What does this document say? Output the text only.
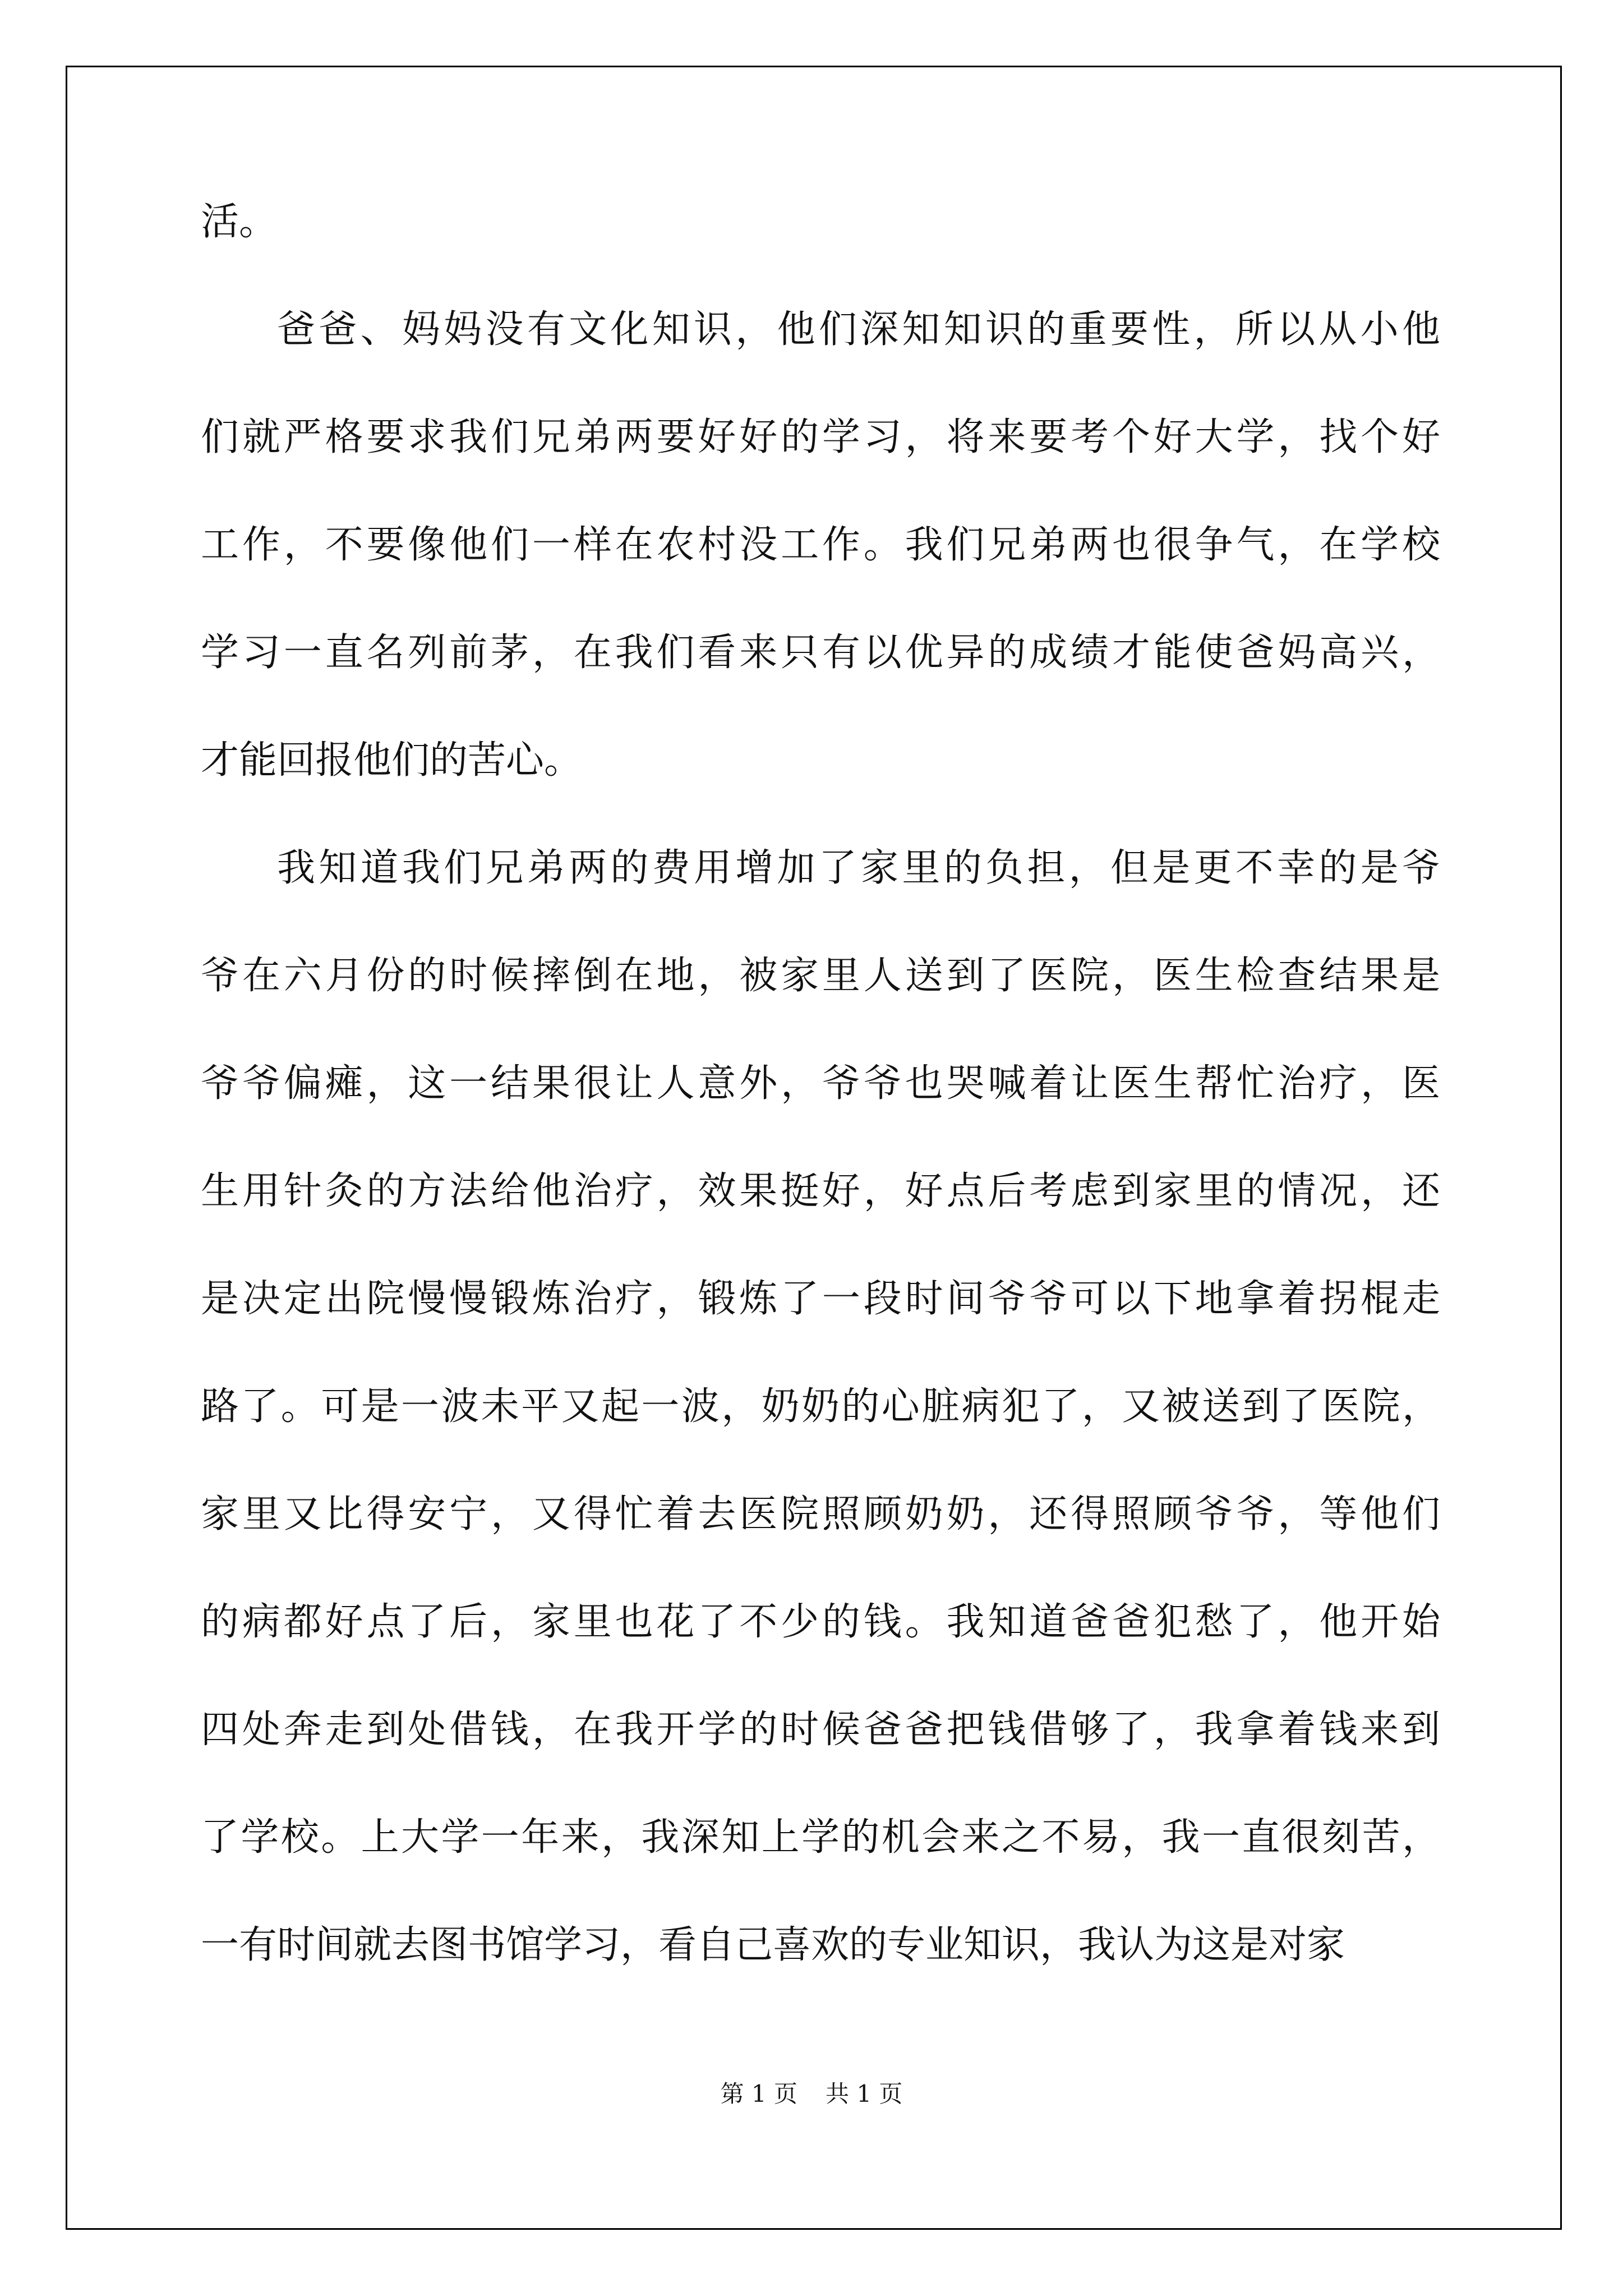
活。
爸爸、妈妈没有文化知识，他们深知知识的重要性，所以从小他
们就严格要求我们兄弟两要好好的学习，将来要考个好大学，找个好
工作，不要像他们一样在农村没工作。我们兄弟两也很争气，在学校
学习一直名列前茅，在我们看来只有以优异的成绩才能使爸妈高兴，
才能回报他们的苦心。
我知道我们兄弟两的费用增加了家里的负担，但是更不幸的是爷
爷在六月份的时候摔倒在地，被家里人送到了医院，医生检查结果是
爷爷偏瘫，这一结果很让人意外，爷爷也哭喊着让医生帮忙治疗，医
生用针灸的方法给他治疗，效果挺好，好点后考虑到家里的情况，还
是决定出院慢慢锻炼治疗，锻炼了一段时间爷爷可以下地拿着拐棍走
路了。可是一波未平又起一波，奶奶的心脏病犯了，又被送到了医院，
家里又比得安宁，又得忙着去医院照顾奶奶，还得照顾爷爷，等他们
的病都好点了后，家里也花了不少的钱。我知道爸爸犯愁了，他开始
四处奔走到处借钱，在我开学的时候爸爸把钱借够了，我拿着钱来到
了学校。上大学一年来，我深知上学的机会来之不易，我一直很刻苦，
一有时间就去图书馆学习，看自己喜欢的专业知识，我认为这是对家
第 1 页 共 1 页
